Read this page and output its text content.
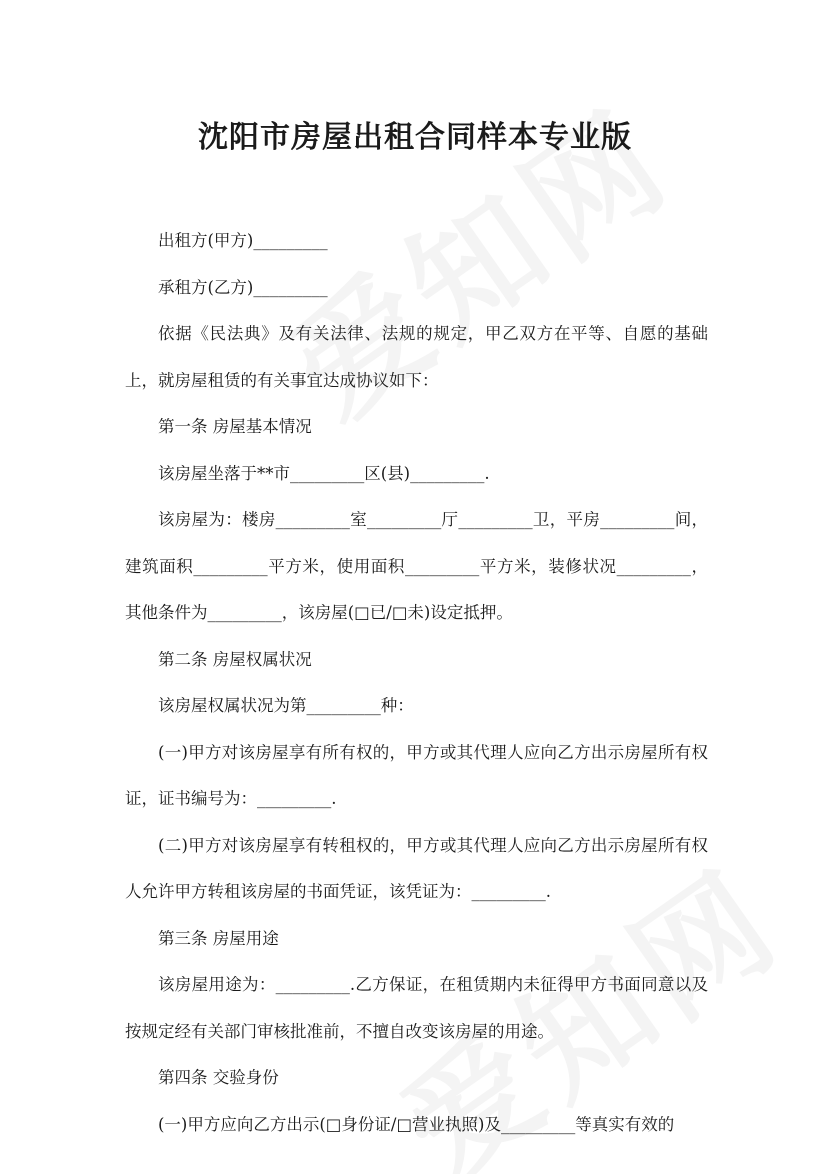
沈阳市房屋出租合同样本专业版

出租方(甲方)_________

承租方(乙方)_________

依据《民法典》及有关法律、法规的规定，甲乙双方在平等、自愿的基础上，就房屋租赁的有关事宜达成协议如下：

第一条 房屋基本情况

该房屋坐落于**市_________区(县)_________.

该房屋为：楼房_________室_________厅_________卫，平房_________间，建筑面积_________平方米，使用面积_________平方米，装修状况_________，其他条件为_________，该房屋(□已/□未)设定抵押。

第二条 房屋权属状况

该房屋权属状况为第_________种：

(一)甲方对该房屋享有所有权的，甲方或其代理人应向乙方出示房屋所有权证，证书编号为：_________.

(二)甲方对该房屋享有转租权的，甲方或其代理人应向乙方出示房屋所有权人允许甲方转租该房屋的书面凭证，该凭证为：_________.

第三条 房屋用途

该房屋用途为：_________.乙方保证，在租赁期内未征得甲方书面同意以及按规定经有关部门审核批准前，不擅自改变该房屋的用途。

第四条 交验身份

(一)甲方应向乙方出示(□身份证/□营业执照)及_________等真实有效的
